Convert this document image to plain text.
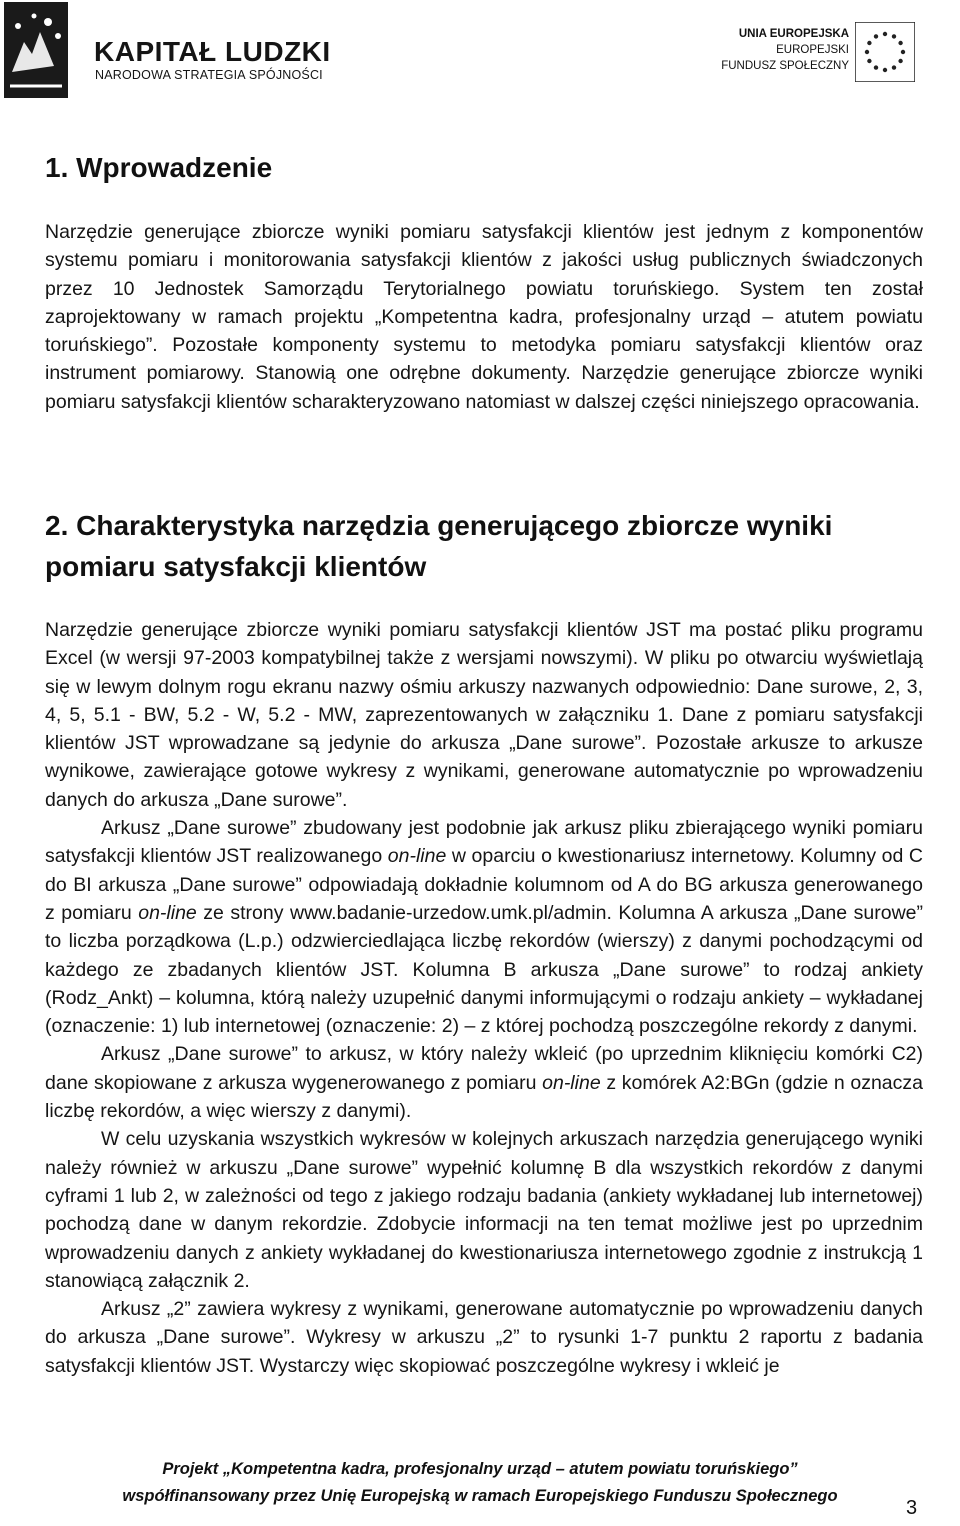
KAPITAŁ LUDZKI
NARODOWA STRATEGIA SPÓJNOŚCI
UNIA EUROPEJSKA
EUROPEJSKI
FUNDUSZ SPOŁECZNY
1. Wprowadzenie

Narzędzie generujące zbiorcze wyniki pomiaru satysfakcji klientów jest jednym z komponentów systemu pomiaru i monitorowania satysfakcji klientów z jakości usług publicznych świadczonych przez 10 Jednostek Samorządu Terytorialnego powiatu toruńskiego. System ten został zaprojektowany w ramach projektu „Kompetentna kadra, profesjonalny urząd – atutem powiatu toruńskiego”. Pozostałe komponenty systemu to metodyka pomiaru satysfakcji klientów oraz instrument pomiarowy. Stanowią one odrębne dokumenty. Narzędzie generujące zbiorcze wyniki pomiaru satysfakcji klientów scharakteryzowano natomiast w dalszej części niniejszego opracowania.

2. Charakterystyka narzędzia generującego zbiorcze wyniki pomiaru satysfakcji klientów

Narzędzie generujące zbiorcze wyniki pomiaru satysfakcji klientów JST ma postać pliku programu Excel (w wersji 97-2003 kompatybilnej także z wersjami nowszymi). W pliku po otwarciu wyświetlają się w lewym dolnym rogu ekranu nazwy ośmiu arkuszy nazwanych odpowiednio: Dane surowe, 2, 3, 4, 5, 5.1 - BW, 5.2 - W, 5.2 - MW, zaprezentowanych w załączniku 1. Dane z pomiaru satysfakcji klientów JST wprowadzane są jedynie do arkusza „Dane surowe”. Pozostałe arkusze to arkusze wynikowe, zawierające gotowe wykresy z wynikami, generowane automatycznie po wprowadzeniu danych do arkusza „Dane surowe”.

Arkusz „Dane surowe” zbudowany jest podobnie jak arkusz pliku zbierającego wyniki pomiaru satysfakcji klientów JST realizowanego on-line w oparciu o kwestionariusz internetowy. Kolumny od C do BI arkusza „Dane surowe” odpowiadają dokładnie kolumnom od A do BG arkusza generowanego z pomiaru on-line ze strony www.badanie-urzedow.umk.pl/admin. Kolumna A arkusza „Dane surowe” to liczba porządkowa (L.p.) odzwierciedlająca liczbę rekordów (wierszy) z danymi pochodzącymi od każdego ze zbadanych klientów JST. Kolumna B arkusza „Dane surowe” to rodzaj ankiety (Rodz_Ankt) – kolumna, którą należy uzupełnić danymi informującymi o rodzaju ankiety – wykładanej (oznaczenie: 1) lub internetowej (oznaczenie: 2) – z której pochodzą poszczególne rekordy z danymi.

Arkusz „Dane surowe” to arkusz, w który należy wkleić (po uprzednim kliknięciu komórki C2) dane skopiowane z arkusza wygenerowanego z pomiaru on-line z komórek A2:BGn (gdzie n oznacza liczbę rekordów, a więc wierszy z danymi).

W celu uzyskania wszystkich wykresów w kolejnych arkuszach narzędzia generującego wyniki należy również w arkuszu „Dane surowe” wypełnić kolumnę B dla wszystkich rekordów z danymi cyframi 1 lub 2, w zależności od tego z jakiego rodzaju badania (ankiety wykładanej lub internetowej) pochodzą dane w danym rekordzie. Zdobycie informacji na ten temat możliwe jest po uprzednim wprowadzeniu danych z ankiety wykładanej do kwestionariusza internetowego zgodnie z instrukcją 1 stanowiącą załącznik 2.

Arkusz „2” zawiera wykresy z wynikami, generowane automatycznie po wprowadzeniu danych do arkusza „Dane surowe”. Wykresy w arkuszu „2” to rysunki 1-7 punktu 2 raportu z badania satysfakcji klientów JST. Wystarczy więc skopiować poszczególne wykresy i wkleić je

Projekt „Kompetentna kadra, profesjonalny urząd – atutem powiatu toruńskiego”
współfinansowany przez Unię Europejską w ramach Europejskiego Funduszu Społecznego
3
